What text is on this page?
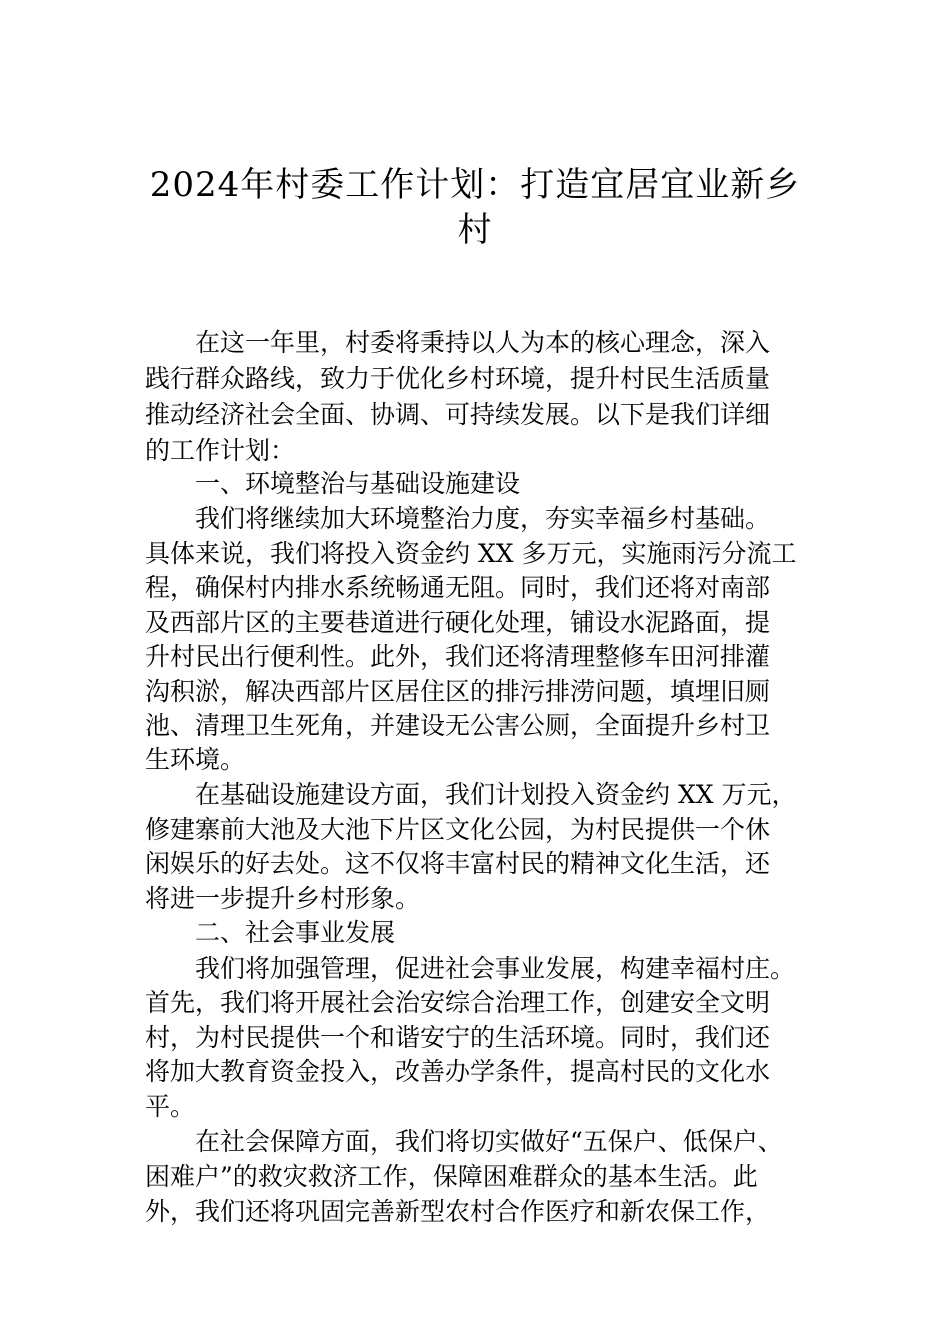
2024年村委工作计划：打造宜居宜业新乡
村
在这一年里，村委将秉持以人为本的核心理念，深入
践行群众路线，致力于优化乡村环境，提升村民生活质量
推动经济社会全面、协调、可持续发展。以下是我们详细
的工作计划：
一、环境整治与基础设施建设
我们将继续加大环境整治力度，夯实幸福乡村基础。
具体来说，我们将投入资金约 XX 多万元，实施雨污分流工
程，确保村内排水系统畅通无阻。同时，我们还将对南部
及西部片区的主要巷道进行硬化处理，铺设水泥路面，提
升村民出行便利性。此外，我们还将清理整修车田河排灌
沟积淤，解决西部片区居住区的排污排涝问题，填埋旧厕
池、清理卫生死角，并建设无公害公厕，全面提升乡村卫
生环境。
在基础设施建设方面，我们计划投入资金约 XX 万元，
修建寨前大池及大池下片区文化公园，为村民提供一个休
闲娱乐的好去处。这不仅将丰富村民的精神文化生活，还
将进一步提升乡村形象。
二、社会事业发展
我们将加强管理，促进社会事业发展，构建幸福村庄。
首先，我们将开展社会治安综合治理工作，创建安全文明
村，为村民提供一个和谐安宁的生活环境。同时，我们还
将加大教育资金投入，改善办学条件，提高村民的文化水
平。
在社会保障方面，我们将切实做好“五保户、低保户、
困难户”的救灾救济工作，保障困难群众的基本生活。此
外，我们还将巩固完善新型农村合作医疗和新农保工作，
